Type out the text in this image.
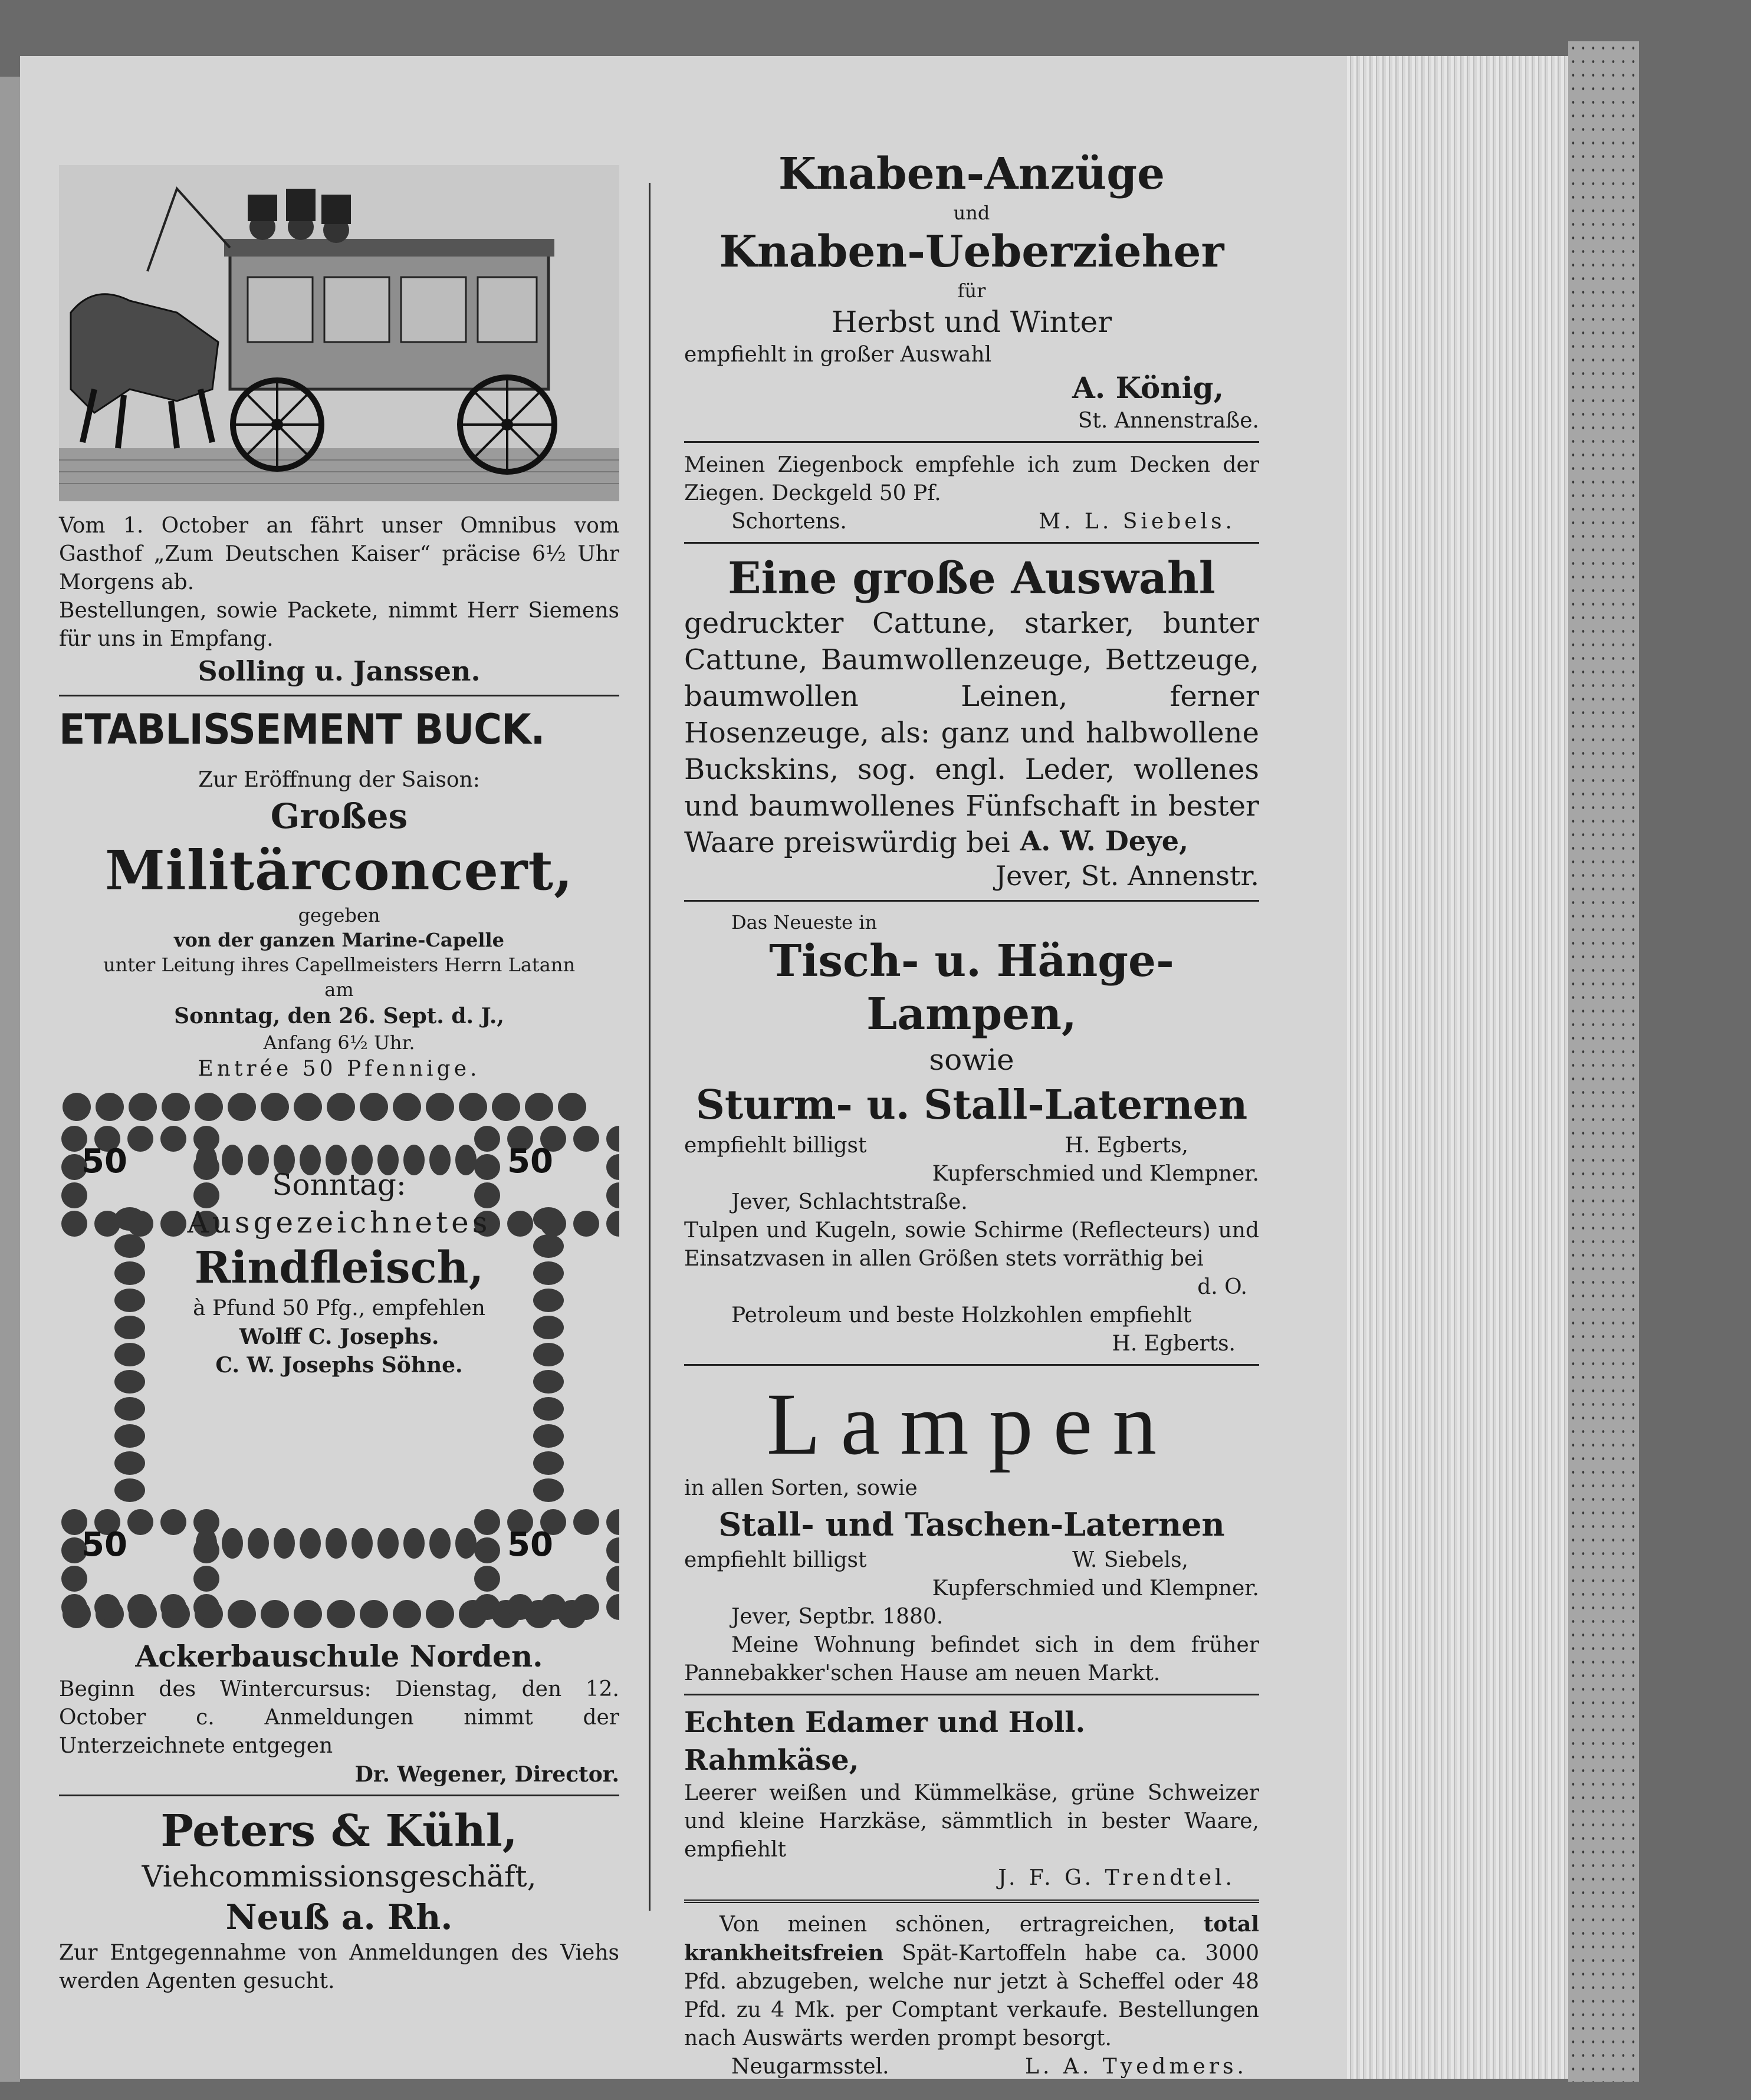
Vom 1. October an fährt unser Omnibus vom Gasthof „Zum Deutschen Kaiser“ präcise 6½ Uhr Morgens ab.

Bestellungen, sowie Packete, nimmt Herr Siemens für uns in Empfang.

Solling u. Janssen.

ETABLISSEMENT BUCK.

Zur Eröffnung der Saison:

Großes

Militärconcert,

gegeben

von der ganzen Marine-Capelle

unter Leitung ihres Capellmeisters Herrn Latann

am

Sonntag, den 26. Sept. d. J.,

Anfang 6½ Uhr.

Entrée 50 Pfennige.

50	50
50	50

Sonntag:

Ausgezeichnetes

Rindfleisch,

à Pfund 50 Pfg., empfehlen

Wolff C. Josephs.

C. W. Josephs Söhne.

Ackerbauschule Norden.

Beginn des Wintercursus: Dienstag, den 12. October c. Anmeldungen nimmt der Unterzeichnete entgegen

Dr. Wegener, Director.

Peters & Kühl,

Viehcommissionsgeschäft,

Neuß a. Rh.

Zur Entgegennahme von Anmeldungen des Viehs werden Agenten gesucht.

Knaben-Anzüge

und

Knaben-Ueberzieher

für

Herbst und Winter

empfiehlt in großer Auswahl

A. König,

St. Annenstraße.

Meinen Ziegenbock empfehle ich zum Decken der Ziegen. Deckgeld 50 Pf.

Schortens.	M. L. Siebels.

Eine große Auswahl

gedruckter Cattune, starker, bunter Cattune, Baumwollenzeuge, Bettzeuge, baumwollen Leinen, ferner Hosenzeuge, als: ganz und halbwollene Buckskins, sog. engl. Leder, wollenes und baumwollenes Fünfschaft in bester Waare preiswürdig bei A. W. Deye,

Jever, St. Annenstr.

Das Neueste in

Tisch- u. Hänge-Lampen,

sowie

Sturm- u. Stall-Laternen

empfiehlt billigst	H. Egberts,

Kupferschmied und Klempner.

Jever, Schlachtstraße.

Tulpen und Kugeln, sowie Schirme (Reflecteurs) und Einsatzvasen in allen Größen stets vorräthig bei

d. O.

Petroleum und beste Holzkohlen empfiehlt

H. Egberts.

Lampen

in allen Sorten, sowie

Stall- und Taschen-Laternen

empfiehlt billigst	W. Siebels,

Kupferschmied und Klempner.

Jever, Septbr. 1880.

Meine Wohnung befindet sich in dem früher Pannebakker'schen Hause am neuen Markt.

Echten Edamer und Holl. Rahmkäse,

Leerer weißen und Kümmelkäse, grüne Schweizer und kleine Harzkäse, sämmtlich in bester Waare, empfiehlt

J. F. G. Trendtel.

Von meinen schönen, ertragreichen, total krankheitsfreien Spät-Kartoffeln habe ca. 3000 Pfd. abzugeben, welche nur jetzt à Scheffel oder 48 Pfd. zu 4 Mk. per Comptant verkaufe. Bestellungen nach Auswärts werden prompt besorgt.

Neugarmsstel.	L. A. Tyedmers.
